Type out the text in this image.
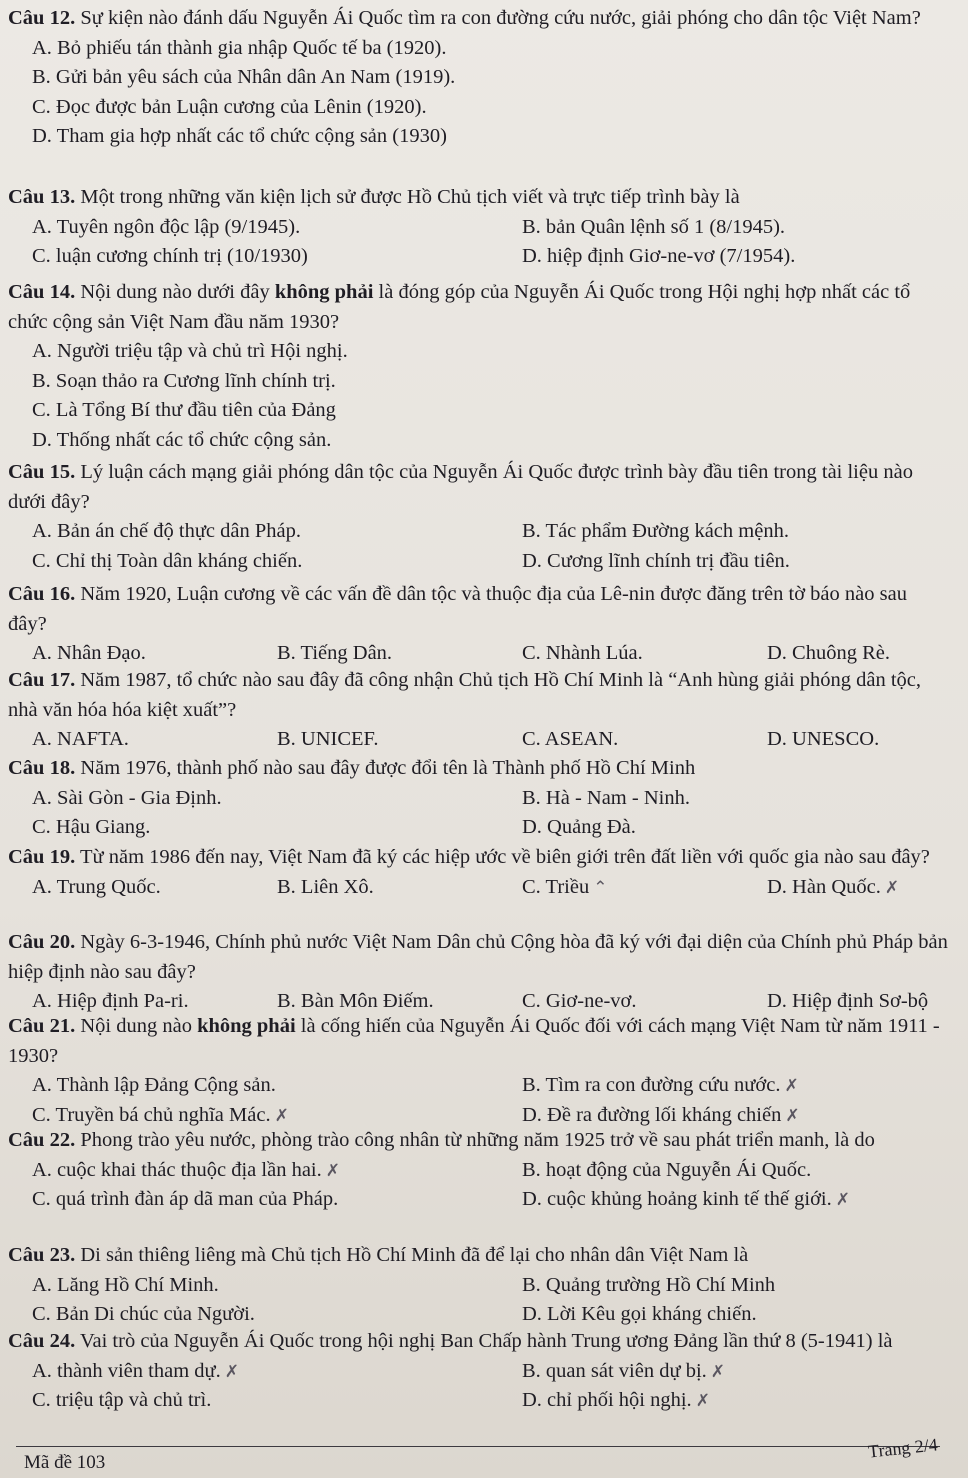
Câu 12. Sự kiện nào đánh dấu Nguyễn Ái Quốc tìm ra con đường cứu nước, giải phóng cho dân tộc Việt Nam?

A. Bỏ phiếu tán thành gia nhập Quốc tế ba (1920).
B. Gửi bản yêu sách của Nhân dân An Nam (1919).
C. Đọc được bản Luận cương của Lênin (1920).
D. Tham gia hợp nhất các tổ chức cộng sản (1930)

Câu 13. Một trong những văn kiện lịch sử được Hồ Chủ tịch viết và trực tiếp trình bày là

A. Tuyên ngôn độc lập (9/1945).	B. bản Quân lệnh số 1 (8/1945).
C. luận cương chính trị (10/1930)	D. hiệp định Giơ-ne-vơ (7/1954).

Câu 14. Nội dung nào dưới đây không phải là đóng góp của Nguyễn Ái Quốc trong Hội nghị hợp nhất các tổ chức cộng sản Việt Nam đầu năm 1930?

A. Người triệu tập và chủ trì Hội nghị.
B. Soạn thảo ra Cương lĩnh chính trị.
C. Là Tổng Bí thư đầu tiên của Đảng
D. Thống nhất các tổ chức cộng sản.

Câu 15. Lý luận cách mạng giải phóng dân tộc của Nguyễn Ái Quốc được trình bày đầu tiên trong tài liệu nào dưới đây?

A. Bản án chế độ thực dân Pháp.	B. Tác phẩm Đường kách mệnh.
C. Chỉ thị Toàn dân kháng chiến.	D. Cương lĩnh chính trị đầu tiên.

Câu 16. Năm 1920, Luận cương về các vấn đề dân tộc và thuộc địa của Lê-nin được đăng trên tờ báo nào sau đây?

A. Nhân Đạo.	B. Tiếng Dân.	C. Nhành Lúa.	D. Chuông Rè.

Câu 17. Năm 1987, tổ chức nào sau đây đã công nhận Chủ tịch Hồ Chí Minh là “Anh hùng giải phóng dân tộc, nhà văn hóa hóa kiệt xuất”?

A. NAFTA.	B. UNICEF.	C. ASEAN.	D. UNESCO.

Câu 18. Năm 1976, thành phố nào sau đây được đổi tên là Thành phố Hồ Chí Minh

A. Sài Gòn - Gia Định.	B. Hà - Nam - Ninh.
C. Hậu Giang.	D. Quảng Đà.

Câu 19. Từ năm 1986 đến nay, Việt Nam đã ký các hiệp ước về biên giới trên đất liền với quốc gia nào sau đây?

A. Trung Quốc.	B. Liên Xô.	C. Triều ⌃	D. Hàn Quốc. ✗

Câu 20. Ngày 6-3-1946, Chính phủ nước Việt Nam Dân chủ Cộng hòa đã ký với đại diện của Chính phủ Pháp bản hiệp định nào sau đây?

A. Hiệp định Pa-ri.	B. Bàn Môn Điếm.	C. Giơ-ne-vơ.	D. Hiệp định Sơ-bộ

Câu 21. Nội dung nào không phải là cống hiến của Nguyễn Ái Quốc đối với cách mạng Việt Nam từ năm 1911 - 1930?

A. Thành lập Đảng Cộng sản.	B. Tìm ra con đường cứu nước. ✗
C. Truyền bá chủ nghĩa Mác. ✗	D. Đề ra đường lối kháng chiến ✗

Câu 22. Phong trào yêu nước, phòng trào công nhân từ những năm 1925 trở về sau phát triển manh, là do

A. cuộc khai thác thuộc địa lần hai. ✗	B. hoạt động của Nguyễn Ái Quốc.
C. quá trình đàn áp dã man của Pháp.	D. cuộc khủng hoảng kinh tế thế giới. ✗

Câu 23. Di sản thiêng liêng mà Chủ tịch Hồ Chí Minh đã để lại cho nhân dân Việt Nam là

A. Lăng Hồ Chí Minh.	B. Quảng trường Hồ Chí Minh
C. Bản Di chúc của Người.	D. Lời Kêu gọi kháng chiến.

Câu 24. Vai trò của Nguyễn Ái Quốc trong hội nghị Ban Chấp hành Trung ương Đảng lần thứ 8 (5-1941) là

A. thành viên tham dự. ✗	B. quan sát viên dự bị. ✗
C. triệu tập và chủ trì.	D. chỉ phối hội nghị. ✗
Mã đề 103
Trang 2/4
